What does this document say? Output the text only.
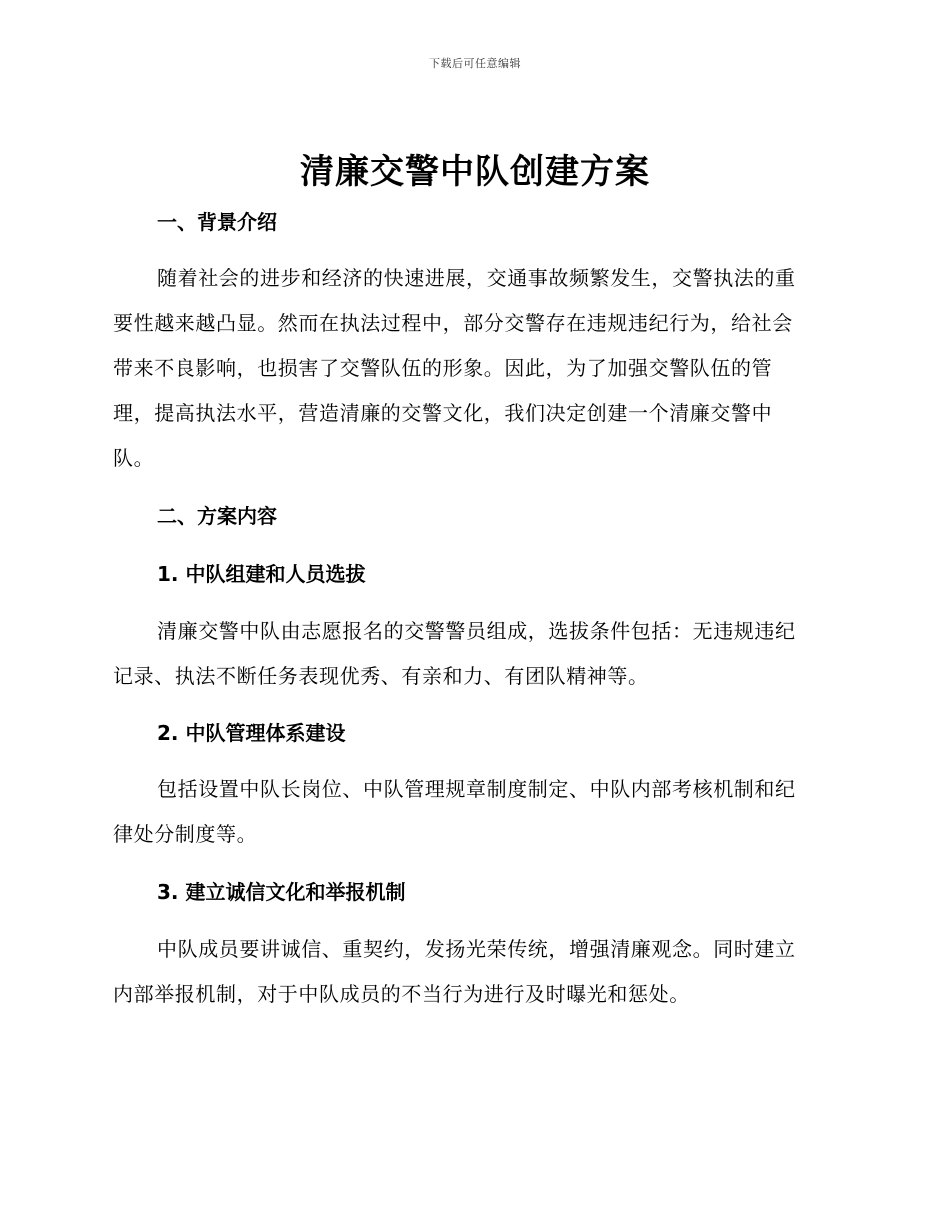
下载后可任意编辑
清廉交警中队创建方案
一、背景介绍
随着社会的进步和经济的快速进展，交通事故频繁发生，交警执法的重
要性越来越凸显。然而在执法过程中，部分交警存在违规违纪行为，给社会
带来不良影响，也损害了交警队伍的形象。因此，为了加强交警队伍的管
理，提高执法水平，营造清廉的交警文化，我们决定创建一个清廉交警中
队。
二、方案内容
1. 中队组建和人员选拔
清廉交警中队由志愿报名的交警警员组成，选拔条件包括：无违规违纪
记录、执法不断任务表现优秀、有亲和力、有团队精神等。
2. 中队管理体系建设
包括设置中队长岗位、中队管理规章制度制定、中队内部考核机制和纪
律处分制度等。
3. 建立诚信文化和举报机制
中队成员要讲诚信、重契约，发扬光荣传统，增强清廉观念。同时建立
内部举报机制，对于中队成员的不当行为进行及时曝光和惩处。
